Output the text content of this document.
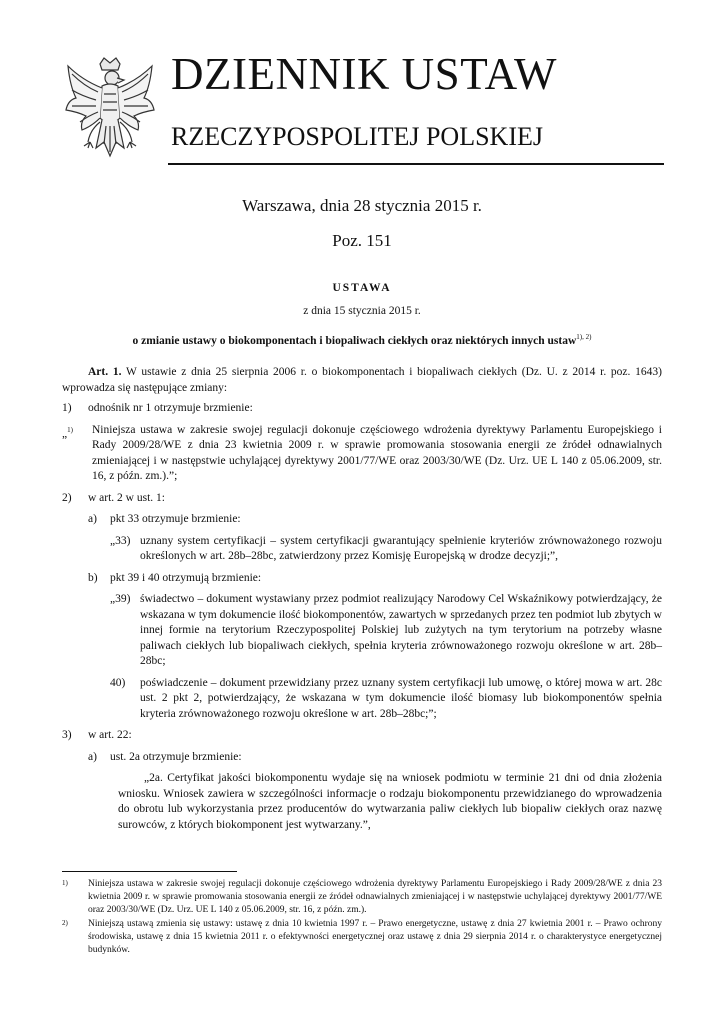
DZIENNIK USTAW
RZECZYPOSPOLITEJ POLSKIEJ
Warszawa, dnia 28 stycznia 2015 r.
Poz. 151
USTAWA
z dnia 15 stycznia 2015 r.
o zmianie ustawy o biokomponentach i biopaliwach ciekłych oraz niektórych innych ustaw$^{1), 2)}$

Art. 1. W ustawie z dnia 25 sierpnia 2006 r. o biokomponentach i biopaliwach ciekłych (Dz. U. z 2014 r. poz. 1643) wprowadza się następujące zmiany:

1)	odnośnik nr 1 otrzymuje brzmienie:
„$^{1)}$	Niniejsza ustawa w zakresie swojej regulacji dokonuje częściowego wdrożenia dyrektywy Parlamentu Europejskiego i Rady 2009/28/WE z dnia 23 kwietnia 2009 r. w sprawie promowania stosowania energii ze źródeł odnawialnych zmieniającej i w następstwie uchylającej dyrektywy 2001/77/WE oraz 2003/30/WE (Dz. Urz. UE L 140 z 05.06.2009, str. 16, z późn. zm.).”;
2)	w art. 2 w ust. 1:
a)	pkt 33 otrzymuje brzmienie:
„33) uznany system certyfikacji – system certyfikacji gwarantujący spełnienie kryteriów zrównoważonego rozwoju określonych w art. 28b–28bc, zatwierdzony przez Komisję Europejską w drodze decyzji;”,
b)	pkt 39 i 40 otrzymują brzmienie:
„39) świadectwo – dokument wystawiany przez podmiot realizujący Narodowy Cel Wskaźnikowy potwierdzający, że wskazana w tym dokumencie ilość biokomponentów, zawartych w sprzedanych przez ten podmiot lub zbytych w innej formie na terytorium Rzeczypospolitej Polskiej lub zużytych na tym terytorium na potrzeby własne paliwach ciekłych lub biopaliwach ciekłych, spełnia kryteria zrównoważonego rozwoju określone w art. 28b–28bc;
40)	poświadczenie – dokument przewidziany przez uznany system certyfikacji lub umowę, o której mowa w art. 28c ust. 2 pkt 2, potwierdzający, że wskazana w tym dokumencie ilość biomasy lub biokomponentów spełnia kryteria zrównoważonego rozwoju określone w art. 28b–28bc;”;
3)	w art. 22:
a)	ust. 2a otrzymuje brzmienie:
„2a. Certyfikat jakości biokomponentu wydaje się na wniosek podmiotu w terminie 21 dni od dnia złożenia wniosku. Wniosek zawiera w szczególności informacje o rodzaju biokomponentu przewidzianego do wprowadzenia do obrotu lub wykorzystania przez producentów do wytwarzania paliw ciekłych lub biopaliw ciekłych oraz nazwę surowców, z których biokomponent jest wytwarzany.”,
1)	Niniejsza ustawa w zakresie swojej regulacji dokonuje częściowego wdrożenia dyrektywy Parlamentu Europejskiego i Rady 2009/28/WE z dnia 23 kwietnia 2009 r. w sprawie promowania stosowania energii ze źródeł odnawialnych zmieniającej i w następstwie uchylającej dyrektywy 2001/77/WE oraz 2003/30/WE (Dz. Urz. UE L 140 z 05.06.2009, str. 16, z późn. zm.).
2)	Niniejszą ustawą zmienia się ustawy: ustawę z dnia 10 kwietnia 1997 r. – Prawo energetyczne, ustawę z dnia 27 kwietnia 2001 r. – Prawo ochrony środowiska, ustawę z dnia 15 kwietnia 2011 r. o efektywności energetycznej oraz ustawę z dnia 29 sierpnia 2014 r. o charakterystyce energetycznej budynków.
